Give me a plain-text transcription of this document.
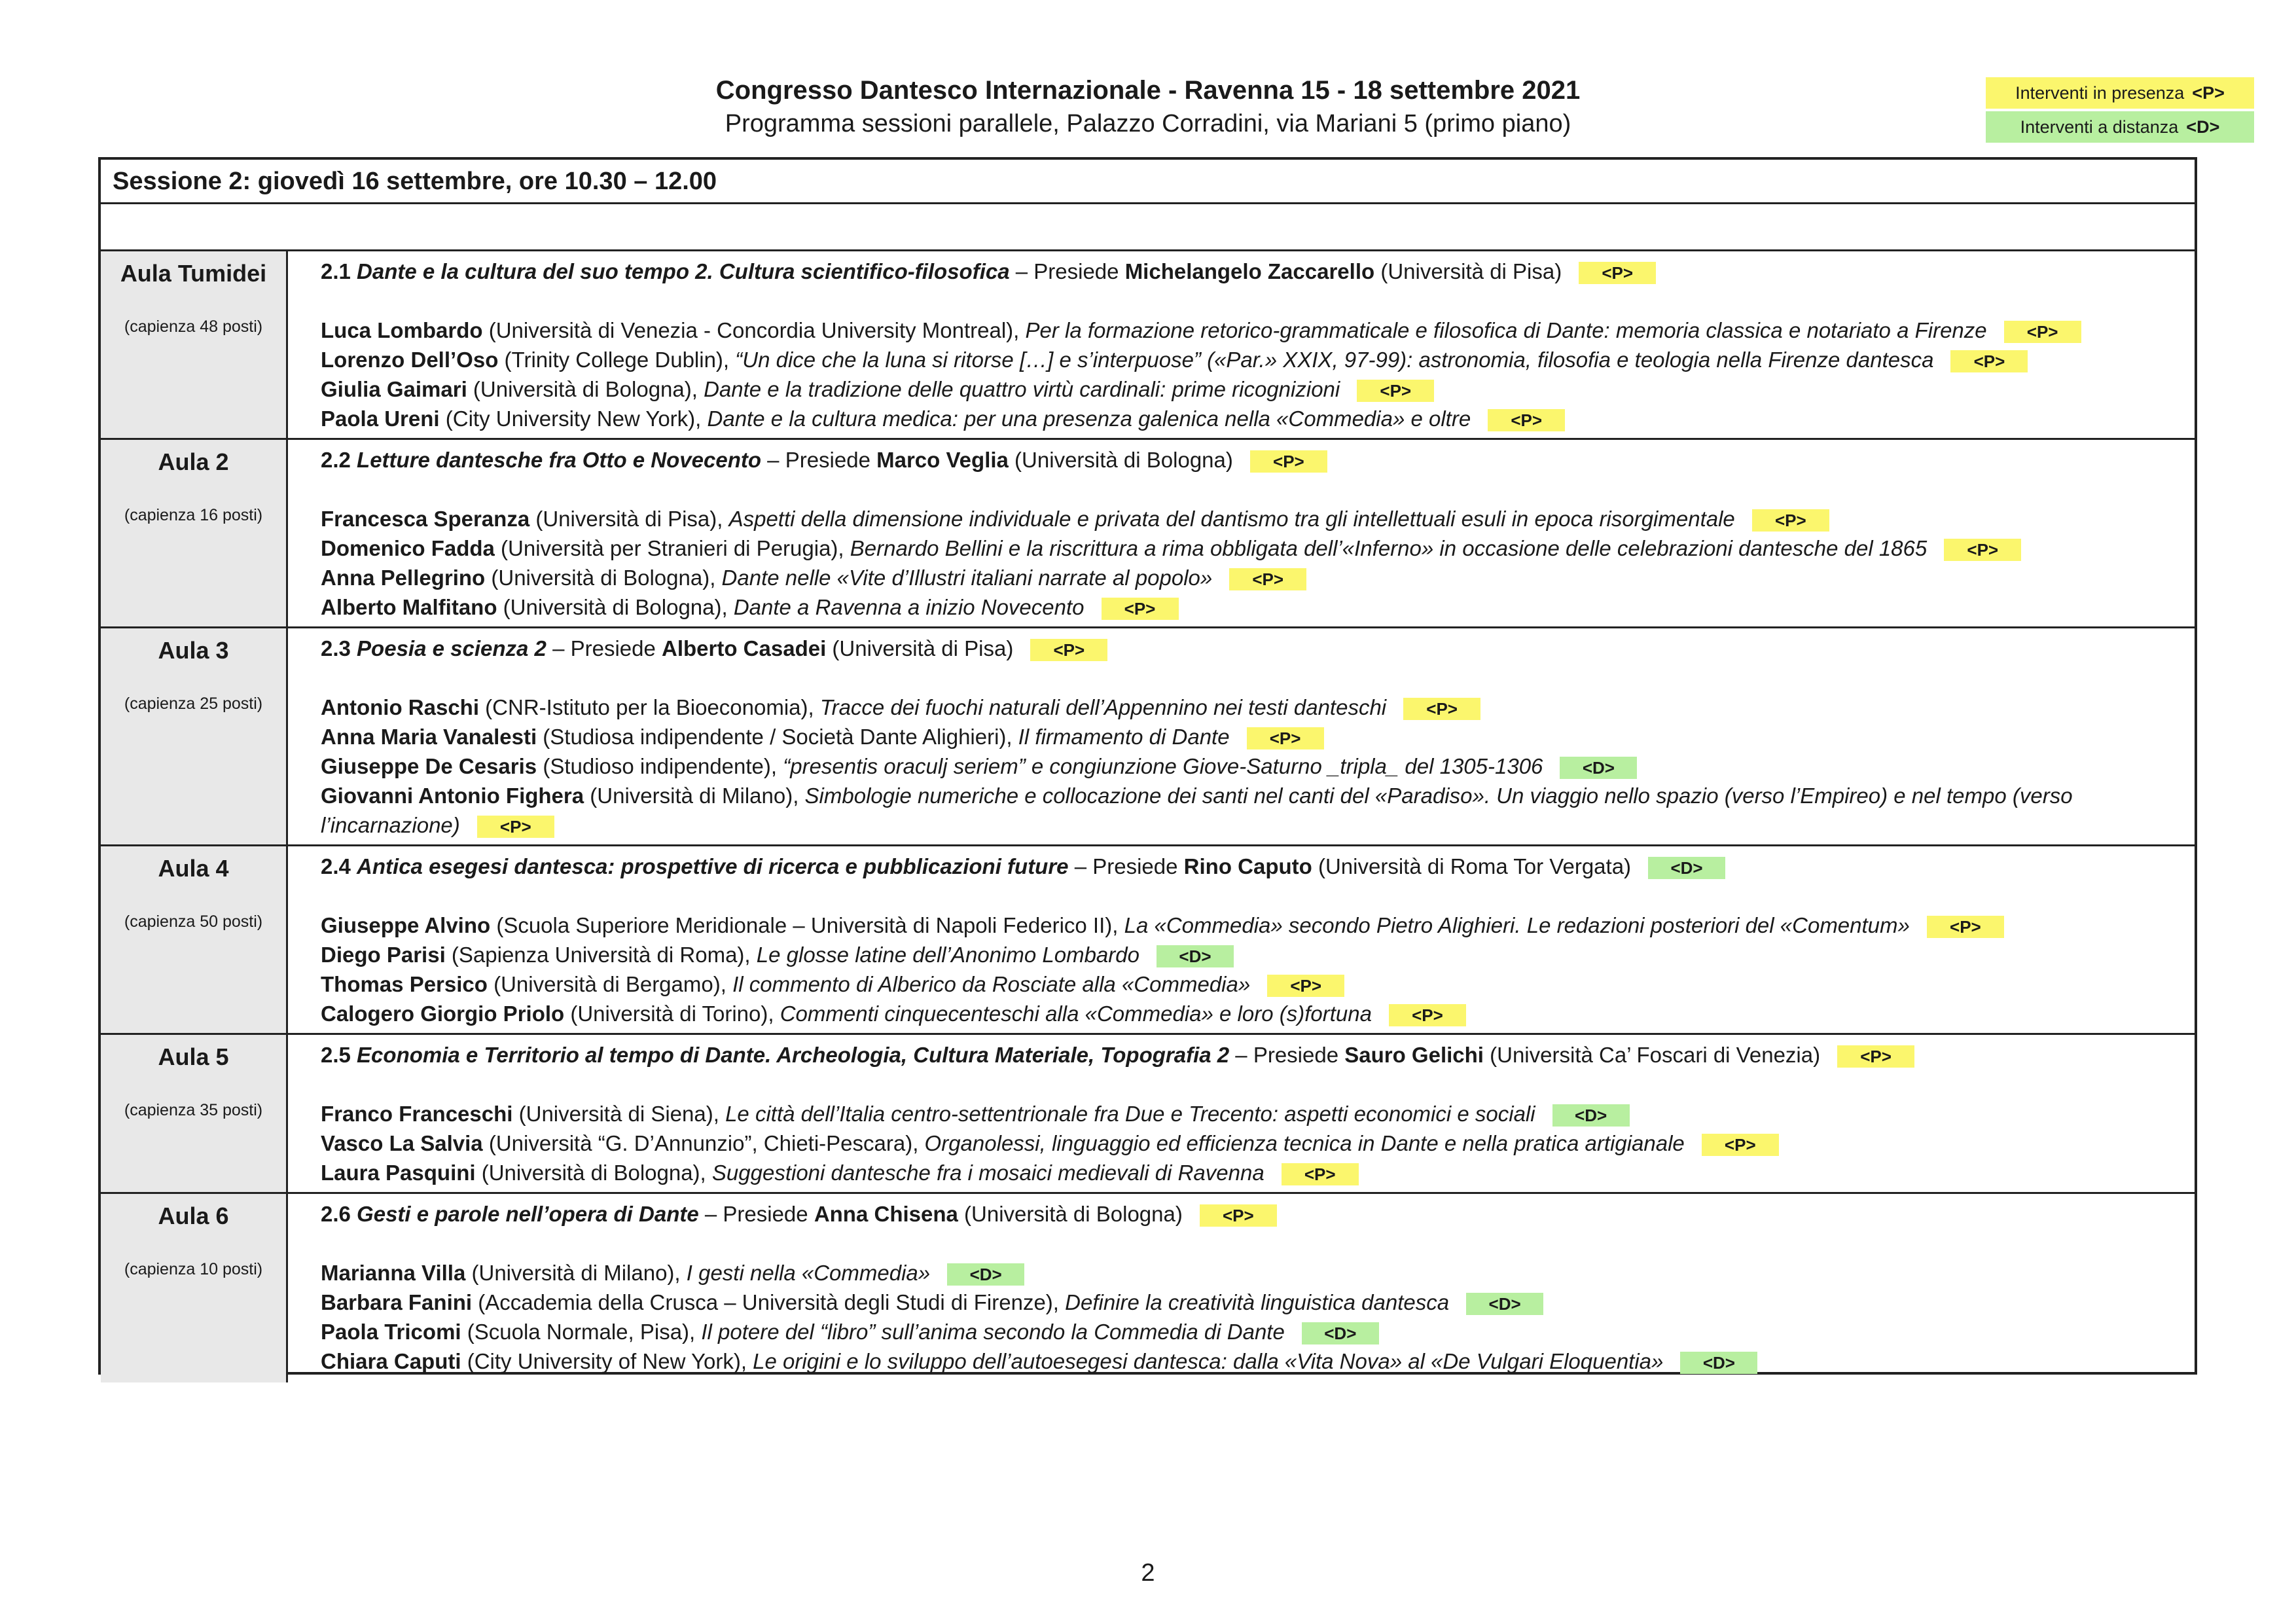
Congresso Dantesco Internazionale - Ravenna 15 - 18 settembre 2021
Programma sessioni parallele, Palazzo Corradini, via Mariani 5 (primo piano)
Interventi in presenza <P>
Interventi a distanza <D>
Sessione 2: giovedì 16 settembre, ore 10.30 – 12.00
Aula Tumidei
(capienza 48 posti)
2.1 Dante e la cultura del suo tempo 2. Cultura scientifico-filosofica – Presiede Michelangelo Zaccarello (Università di Pisa) <P>
Luca Lombardo (Università di Venezia - Concordia University Montreal), Per la formazione retorico-grammaticale e filosofica di Dante: memoria classica e notariato a Firenze <P>
Lorenzo Dell’Oso (Trinity College Dublin), “Un dice che la luna si ritorse […] e s’interpuose” («Par.» XXIX, 97-99): astronomia, filosofia e teologia nella Firenze dantesca <P>
Giulia Gaimari (Università di Bologna), Dante e la tradizione delle quattro virtù cardinali: prime ricognizioni <P>
Paola Ureni (City University New York), Dante e la cultura medica: per una presenza galenica nella «Commedia» e oltre <P>
Aula 2
(capienza 16 posti)
2.2 Letture dantesche fra Otto e Novecento – Presiede Marco Veglia (Università di Bologna) <P>
Francesca Speranza (Università di Pisa), Aspetti della dimensione individuale e privata del dantismo tra gli intellettuali esuli in epoca risorgimentale <P>
Domenico Fadda (Università per Stranieri di Perugia), Bernardo Bellini e la riscrittura a rima obbligata dell’«Inferno» in occasione delle celebrazioni dantesche del 1865 <P>
Anna Pellegrino (Università di Bologna), Dante nelle «Vite d’Illustri italiani narrate al popolo» <P>
Alberto Malfitano (Università di Bologna), Dante a Ravenna a inizio Novecento <P>
Aula 3
(capienza 25 posti)
2.3 Poesia e scienza 2 – Presiede Alberto Casadei (Università di Pisa) <P>
Antonio Raschi (CNR-Istituto per la Bioeconomia), Tracce dei fuochi naturali dell’Appennino nei testi danteschi <P>
Anna Maria Vanalesti (Studiosa indipendente / Società Dante Alighieri), Il firmamento di Dante <P>
Giuseppe De Cesaris (Studioso indipendente), “presentis oraculj seriem” e congiunzione Giove-Saturno _tripla_ del 1305-1306 <D>
Giovanni Antonio Fighera (Università di Milano), Simbologie numeriche e collocazione dei santi nel canti del «Paradiso». Un viaggio nello spazio (verso l’Empireo) e nel tempo (verso l’incarnazione) <P>
Aula 4
(capienza 50 posti)
2.4 Antica esegesi dantesca: prospettive di ricerca e pubblicazioni future – Presiede Rino Caputo (Università di Roma Tor Vergata) <D>
Giuseppe Alvino (Scuola Superiore Meridionale – Università di Napoli Federico II), La «Commedia» secondo Pietro Alighieri. Le redazioni posteriori del «Comentum» <P>
Diego Parisi (Sapienza Università di Roma), Le glosse latine dell’Anonimo Lombardo <D>
Thomas Persico (Università di Bergamo), Il commento di Alberico da Rosciate alla «Commedia» <P>
Calogero Giorgio Priolo (Università di Torino), Commenti cinquecenteschi alla «Commedia» e loro (s)fortuna <P>
Aula 5
(capienza 35 posti)
2.5 Economia e Territorio al tempo di Dante. Archeologia, Cultura Materiale, Topografia 2 – Presiede Sauro Gelichi (Università Ca’ Foscari di Venezia) <P>
Franco Franceschi (Università di Siena), Le città dell’Italia centro-settentrionale fra Due e Trecento: aspetti economici e sociali <D>
Vasco La Salvia (Università “G. D’Annunzio”, Chieti-Pescara), Organolessi, linguaggio ed efficienza tecnica in Dante e nella pratica artigianale <P>
Laura Pasquini (Università di Bologna), Suggestioni dantesche fra i mosaici medievali di Ravenna <P>
Aula 6
(capienza 10 posti)
2.6 Gesti e parole nell’opera di Dante – Presiede Anna Chisena (Università di Bologna) <P>
Marianna Villa (Università di Milano), I gesti nella «Commedia» <D>
Barbara Fanini (Accademia della Crusca – Università degli Studi di Firenze), Definire la creatività linguistica dantesca <D>
Paola Tricomi (Scuola Normale, Pisa), Il potere del “libro” sull’anima secondo la Commedia di Dante <D>
Chiara Caputi (City University of New York), Le origini e lo sviluppo dell’autoesegesi dantesca: dalla «Vita Nova» al «De Vulgari Eloquentia» <D>
2
